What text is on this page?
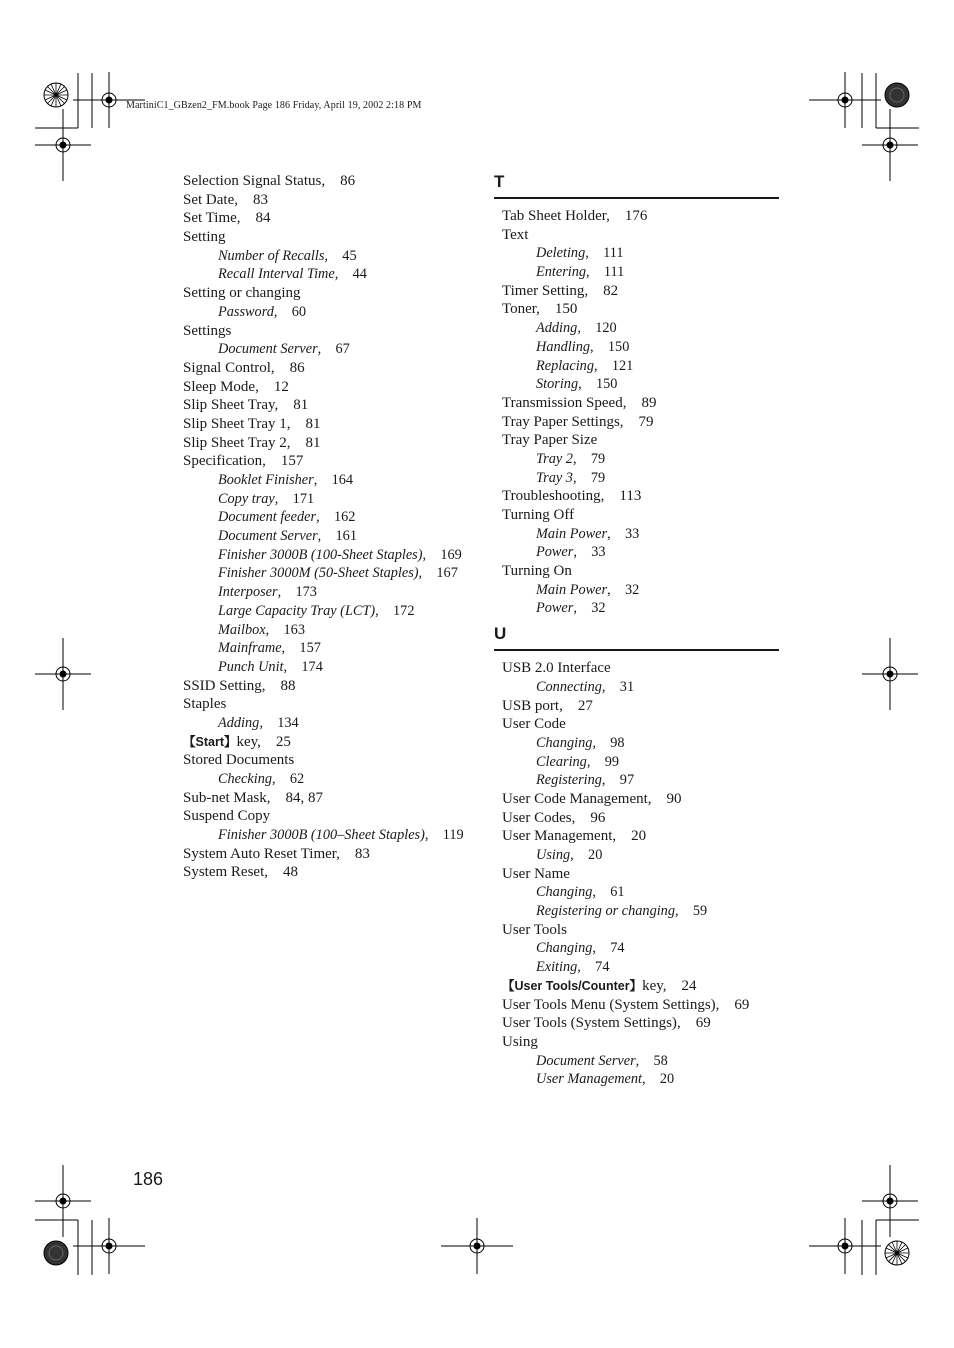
MartiniC1_GBzen2_FM.book Page 186 Friday, April 19, 2002 2:18 PM
Selection Signal Status, 86
Set Date, 83
Set Time, 84
Setting
Number of Recalls, 45
Recall Interval Time, 44
Setting or changing
Password, 60
Settings
Document Server, 67
Signal Control, 86
Sleep Mode, 12
Slip Sheet Tray, 81
Slip Sheet Tray 1, 81
Slip Sheet Tray 2, 81
Specification, 157
Booklet Finisher, 164
Copy tray, 171
Document feeder, 162
Document Server, 161
Finisher 3000B (100-Sheet Staples), 169
Finisher 3000M (50-Sheet Staples), 167
Interposer, 173
Large Capacity Tray (LCT), 172
Mailbox, 163
Mainframe, 157
Punch Unit, 174
SSID Setting, 88
Staples
Adding, 134
【Start】key, 25
Stored Documents
Checking, 62
Sub-net Mask, 84, 87
Suspend Copy
Finisher 3000B (100–Sheet Staples), 119
System Auto Reset Timer, 83
System Reset, 48
T
Tab Sheet Holder, 176
Text
Deleting, 111
Entering, 111
Timer Setting, 82
Toner, 150
Adding, 120
Handling, 150
Replacing, 121
Storing, 150
Transmission Speed, 89
Tray Paper Settings, 79
Tray Paper Size
Tray 2, 79
Tray 3, 79
Troubleshooting, 113
Turning Off
Main Power, 33
Power, 33
Turning On
Main Power, 32
Power, 32
U
USB 2.0 Interface
Connecting, 31
USB port, 27
User Code
Changing, 98
Clearing, 99
Registering, 97
User Code Management, 90
User Codes, 96
User Management, 20
Using, 20
User Name
Changing, 61
Registering or changing, 59
User Tools
Changing, 74
Exiting, 74
【User Tools/Counter】key, 24
User Tools Menu (System Settings), 69
User Tools (System Settings), 69
Using
Document Server, 58
User Management, 20
186
